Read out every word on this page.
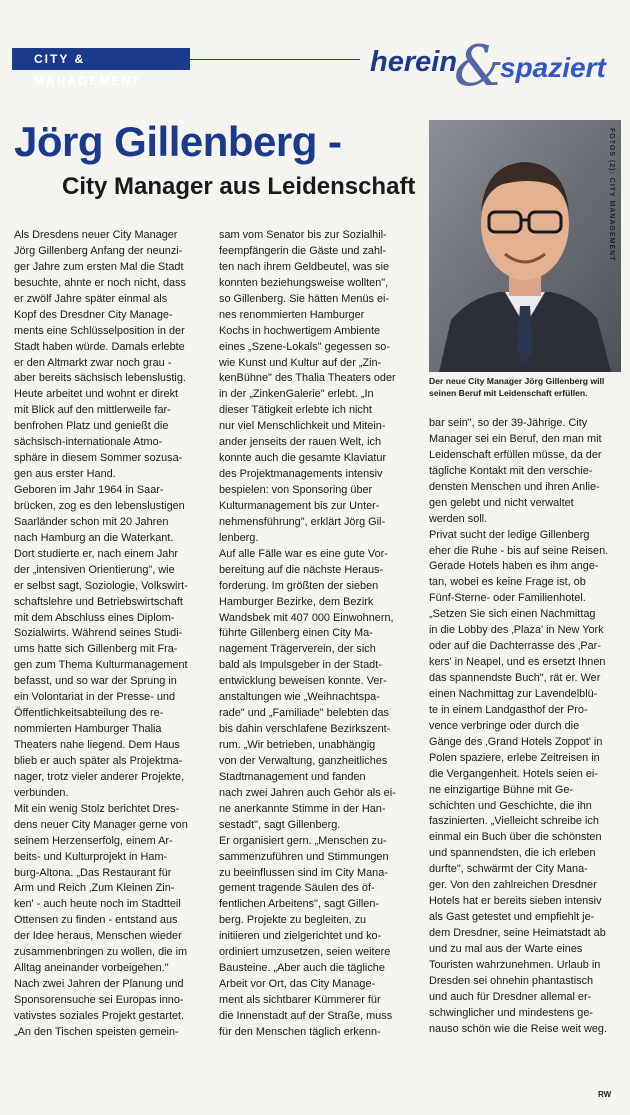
CITY & MANAGEMENT
herein
&
spaziert
Jörg Gillenberg -
City Manager aus Leidenschaft	FOTOS (2): CITY MANAGEMENT
Der neue City Manager Jörg Gillenberg will
seinen Beruf mit Leidenschaft erfüllen.
Als Dresdens neuer City Manager
Jörg Gillenberg Anfang der neunzi-
ger Jahre zum ersten Mal die Stadt
besuchte, ahnte er noch nicht, dass
er zwölf Jahre später einmal als
Kopf des Dresdner City Manage-
ments eine Schlüsselposition in der
Stadt haben würde. Damals erlebte
er den Altmarkt zwar noch grau -
aber bereits sächsisch lebenslustig.
Heute arbeitet und wohnt er direkt
mit Blick auf den mittlerweile far-
benfrohen Platz und genießt die
sächsisch-internationale Atmo-
sphäre in diesem Sommer sozusa-
gen aus erster Hand.
Geboren im Jahr 1964 in Saar-
brücken, zog es den lebenslustigen
Saarländer schon mit 20 Jahren
nach Hamburg an die Waterkant.
Dort studierte er, nach einem Jahr
der „intensiven Orientierung", wie
er selbst sagt, Soziologie, Volkswirt-
schaftslehre und Betriebswirtschaft
mit dem Abschluss eines Diplom-
Sozialwirts. Während seines Studi-
ums hatte sich Gillenberg mit Fra-
gen zum Thema Kulturmanagement
befasst, und so war der Sprung in
ein Volontariat in der Presse- und
Öffentlichkeitsabteilung des re-
nommierten Hamburger Thalia
Theaters nahe liegend. Dem Haus
blieb er auch später als Projektma-
nager, trotz vieler anderer Projekte,
verbunden.
Mit ein wenig Stolz berichtet Dres-
dens neuer City Manager gerne von
seinem Herzenserfolg, einem Ar-
beits- und Kulturprojekt in Ham-
burg-Altona. „Das Restaurant für
Arm und Reich ‚Zum Kleinen Zin-
ken' - auch heute noch im Stadtteil
Ottensen zu finden - entstand aus
der Idee heraus, Menschen wieder
zusammenbringen zu wollen, die im
Alltag aneinander vorbeigehen."
Nach zwei Jahren der Planung und
Sponsorensuche sei Europas inno-
vativstes soziales Projekt gestartet.
„An den Tischen speisten gemein-
sam vom Senator bis zur Sozialhil-
feempfängerin die Gäste und zahl-
ten nach ihrem Geldbeutel, was sie
konnten beziehungsweise wollten",
so Gillenberg. Sie hätten Menüs ei-
nes renommierten Hamburger
Kochs in hochwertigem Ambiente
eines „Szene-Lokals" gegessen so-
wie Kunst und Kultur auf der „Zin-
kenBühne" des Thalia Theaters oder
in der „ZinkenGalerie" erlebt. „In
dieser Tätigkeit erlebte ich nicht
nur viel Menschlichkeit und Mitein-
ander jenseits der rauen Welt, ich
konnte auch die gesamte Klaviatur
des Projektmanagements intensiv
bespielen: von Sponsoring über
Kulturmanagement bis zur Unter-
nehmensführung", erklärt Jörg Gil-
lenberg.
Auf alle Fälle war es eine gute Vor-
bereitung auf die nächste Heraus-
forderung. Im größten der sieben
Hamburger Bezirke, dem Bezirk
Wandsbek mit 407 000 Einwohnern,
führte Gillenberg einen City Ma-
nagement Trägerverein, der sich
bald als Impulsgeber in der Stadt-
entwicklung beweisen konnte. Ver-
anstaltungen wie „Weihnachtspa-
rade" und „Familiade" belebten das
bis dahin verschlafene Bezirkszent-
rum. „Wir betrieben, unabhängig
von der Verwaltung, ganzheitliches
Stadtmanagement und fanden
nach zwei Jahren auch Gehör als ei-
ne anerkannte Stimme in der Han-
sestadt", sagt Gillenberg.
Er organisiert gern. „Menschen zu-
sammenzuführen und Stimmungen
zu beeinflussen sind im City Mana-
gement tragende Säulen des öf-
fentlichen Arbeitens", sagt Gillen-
berg. Projekte zu begleiten, zu
initiieren und zielgerichtet und ko-
ordiniert umzusetzen, seien weitere
Bausteine. „Aber auch die tägliche
Arbeit vor Ort, das City Manage-
ment als sichtbarer Kümmerer für
die Innenstadt auf der Straße, muss
für den Menschen täglich erkenn-
bar sein", so der 39-Jährige. City
Manager sei ein Beruf, den man mit
Leidenschaft erfüllen müsse, da der
tägliche Kontakt mit den verschie-
densten Menschen und ihren Anlie-
gen gelebt und nicht verwaltet
werden soll.
Privat sucht der ledige Gillenberg
eher die Ruhe - bis auf seine Reisen.
Gerade Hotels haben es ihm ange-
tan, wobei es keine Frage ist, ob
Fünf-Sterne- oder Familienhotel.
„Setzen Sie sich einen Nachmittag
in die Lobby des ‚Plaza' in New York
oder auf die Dachterrasse des ‚Par-
kers' in Neapel, und es ersetzt Ihnen
das spannendste Buch", rät er. Wer
einen Nachmittag zur Lavendelblü-
te in einem Landgasthof der Pro-
vence verbringe oder durch die
Gänge des ‚Grand Hotels Zoppot' in
Polen spaziere, erlebe Zeitreisen in
die Vergangenheit. Hotels seien ei-
ne einzigartige Bühne mit Ge-
schichten und Geschichte, die ihn
faszinierten. „Vielleicht schreibe ich
einmal ein Buch über die schönsten
und spannendsten, die ich erleben
durfte", schwärmt der City Mana-
ger. Von den zahlreichen Dresdner
Hotels hat er bereits sieben intensiv
als Gast getestet und empfiehlt je-
dem Dresdner, seine Heimatstadt ab
und zu mal aus der Warte eines
Touristen wahrzunehmen. Urlaub in
Dresden sei ohnehin phantastisch
und auch für Dresdner allemal er-
schwinglicher und mindestens ge-
nauso schön wie die Reise weit weg.
RW
